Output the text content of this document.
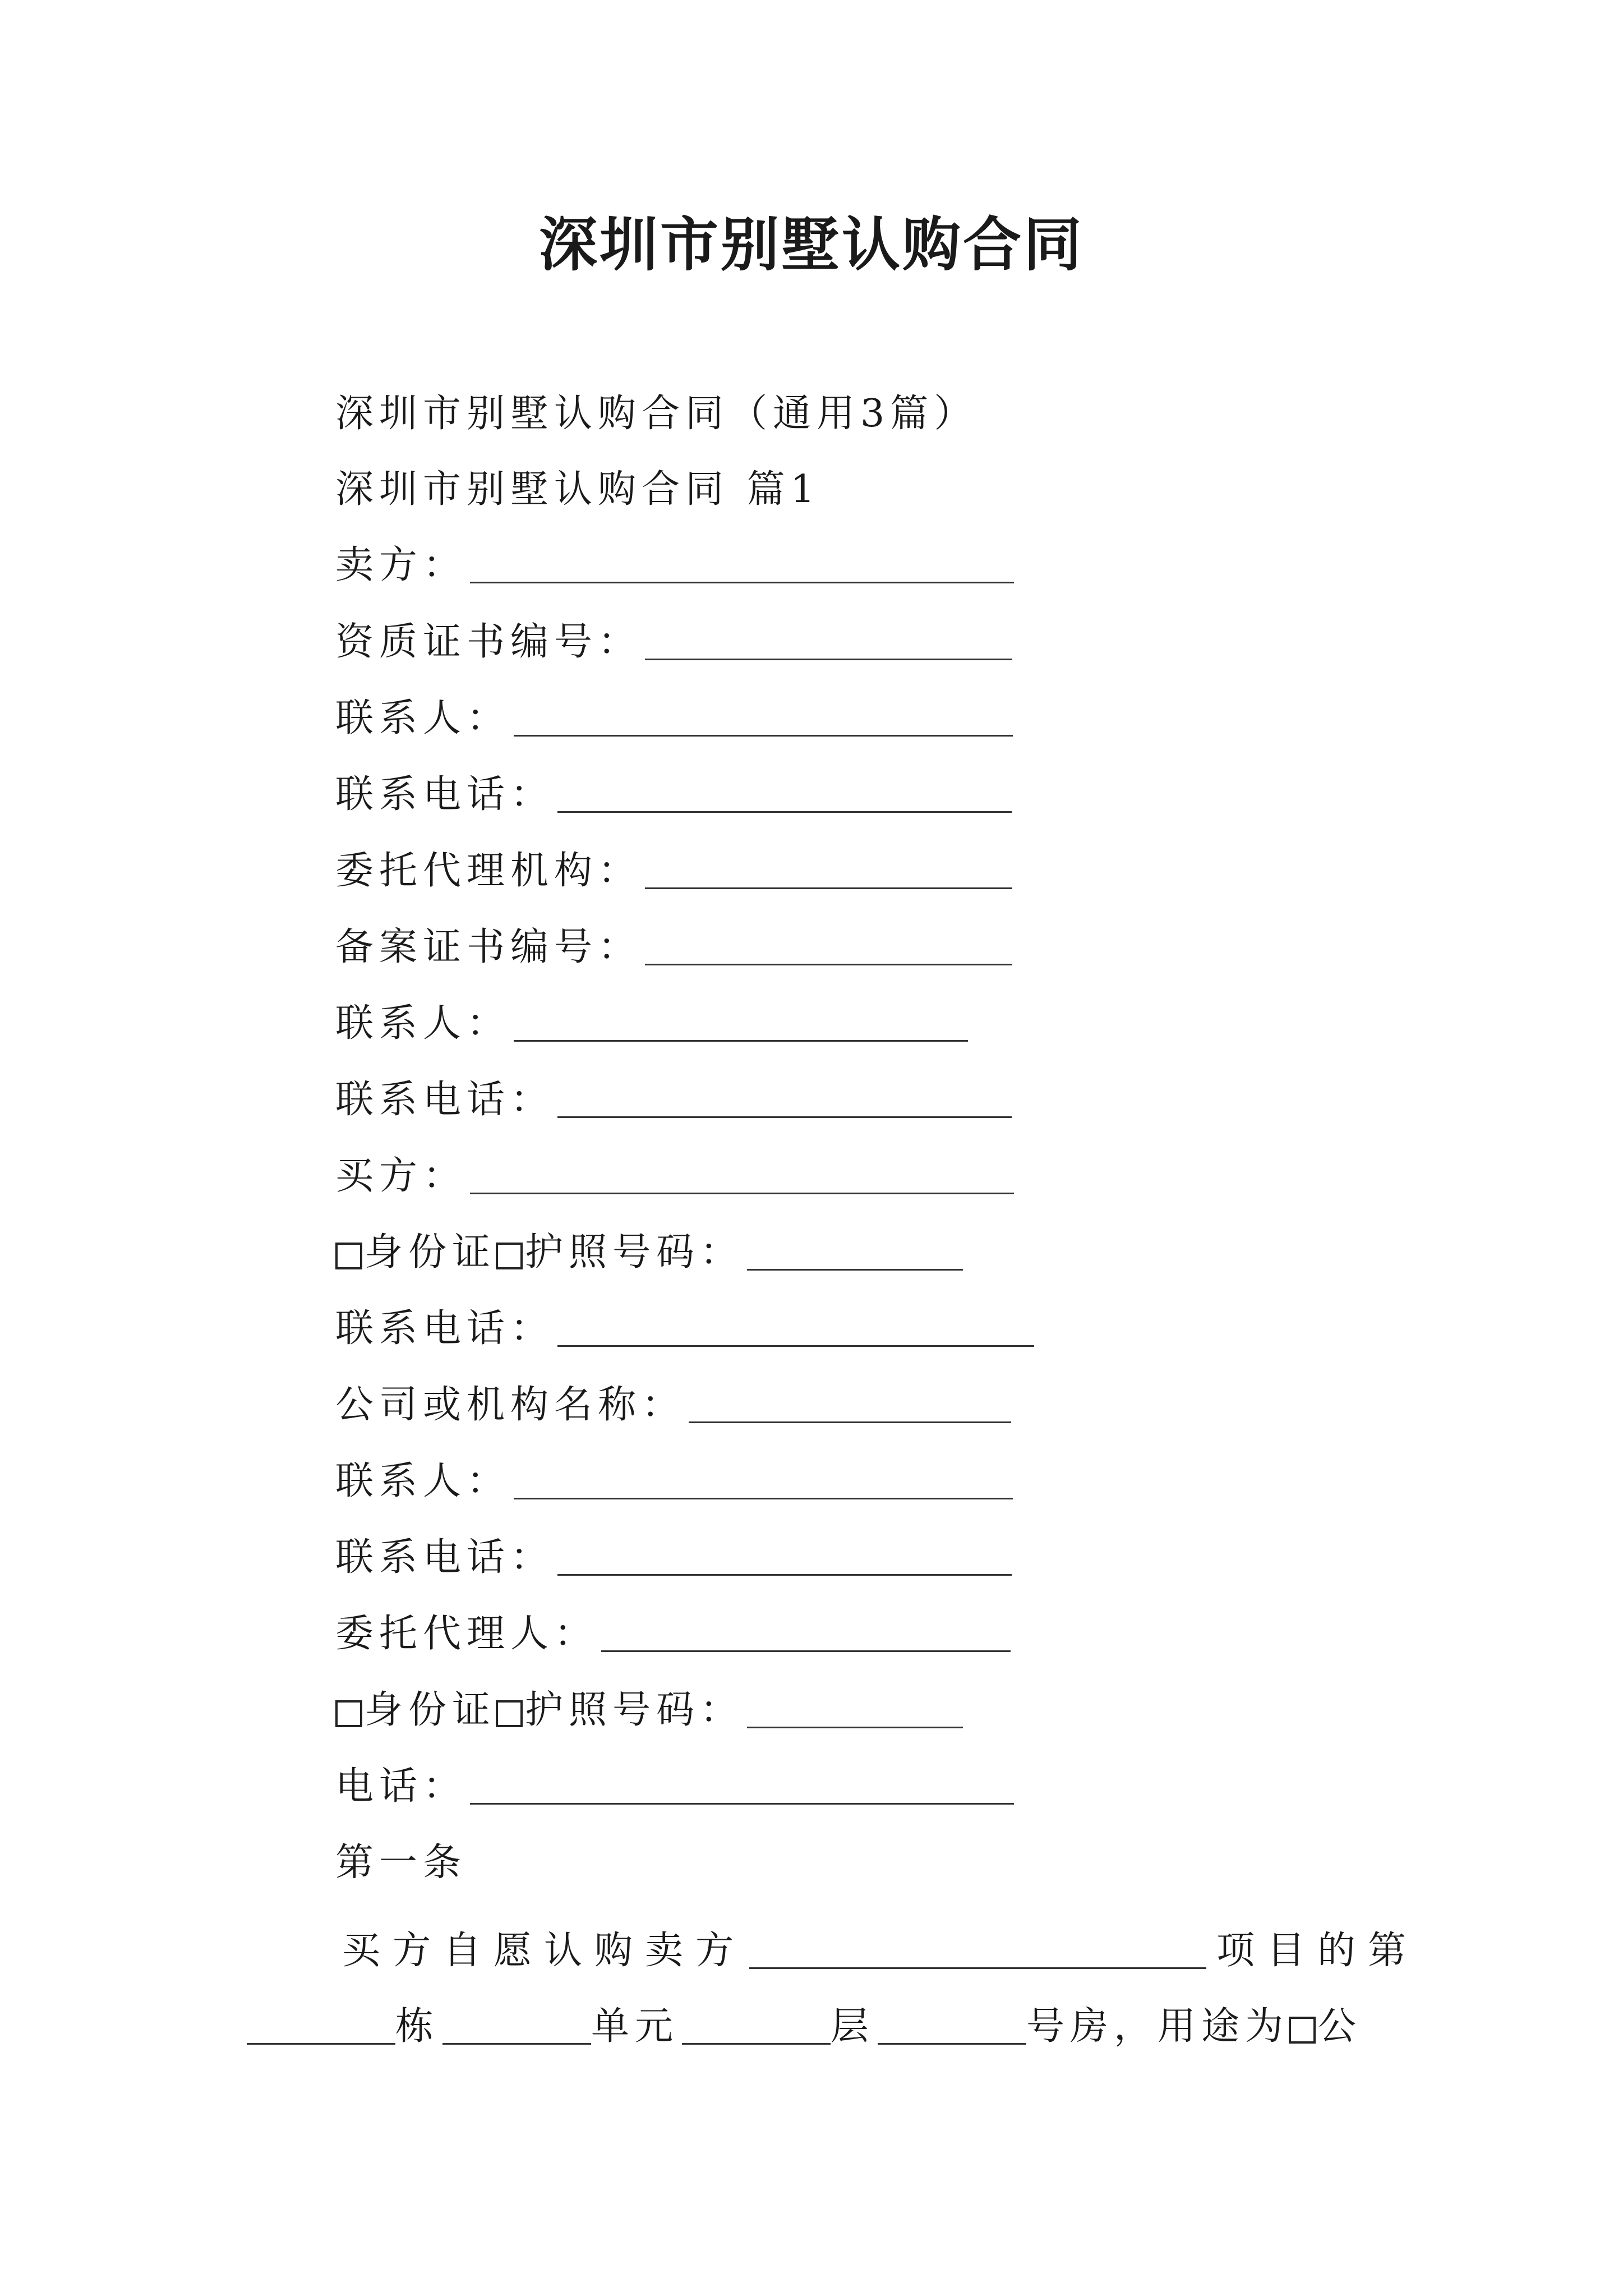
深圳市别墅认购合同
深圳市别墅认购合同（通用3篇）
深圳市别墅认购合同 篇1
卖方：
资质证书编号：
联系人：
联系电话：
委托代理机构：
备案证书编号：
联系人：
联系电话：
买方：
身份证 护照号码：
联系电话：
公司或机构名称：
联系人：
联系电话：
委托代理人：
身份证 护照号码：
电话：
第一条
买方自愿认购卖方	项目的第
栋	单元	层	号房，用途为 公
